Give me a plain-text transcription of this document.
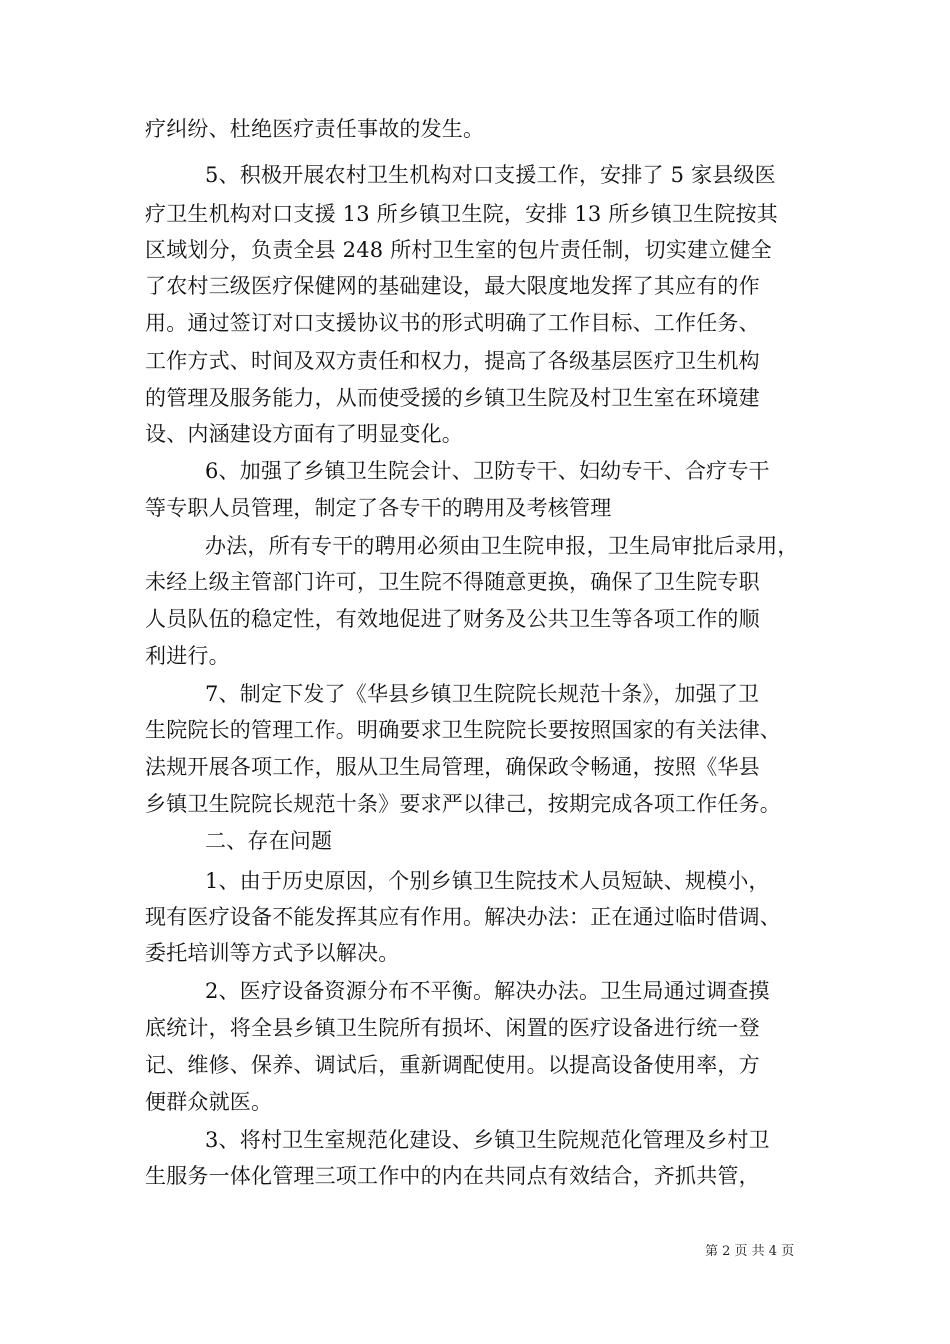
疗纠纷、杜绝医疗责任事故的发生。
5、积极开展农村卫生机构对口支援工作，安排了 5 家县级医
疗卫生机构对口支援 13 所乡镇卫生院，安排 13 所乡镇卫生院按其
区域划分，负责全县 248 所村卫生室的包片责任制，切实建立健全
了农村三级医疗保健网的基础建设，最大限度地发挥了其应有的作
用。通过签订对口支援协议书的形式明确了工作目标、工作任务、
工作方式、时间及双方责任和权力，提高了各级基层医疗卫生机构
的管理及服务能力，从而使受援的乡镇卫生院及村卫生室在环境建
设、内涵建设方面有了明显变化。
6、加强了乡镇卫生院会计、卫防专干、妇幼专干、合疗专干
等专职人员管理，制定了各专干的聘用及考核管理
办法，所有专干的聘用必须由卫生院申报，卫生局审批后录用，
未经上级主管部门许可，卫生院不得随意更换，确保了卫生院专职
人员队伍的稳定性，有效地促进了财务及公共卫生等各项工作的顺
利进行。
7、制定下发了《华县乡镇卫生院院长规范十条》，加强了卫
生院院长的管理工作。明确要求卫生院院长要按照国家的有关法律、
法规开展各项工作，服从卫生局管理，确保政令畅通，按照《华县
乡镇卫生院院长规范十条》要求严以律己，按期完成各项工作任务。
二、存在问题
1、由于历史原因，个别乡镇卫生院技术人员短缺、规模小，
现有医疗设备不能发挥其应有作用。解决办法：正在通过临时借调、
委托培训等方式予以解决。
2、医疗设备资源分布不平衡。解决办法。卫生局通过调查摸
底统计，将全县乡镇卫生院所有损坏、闲置的医疗设备进行统一登
记、维修、保养、调试后，重新调配使用。以提高设备使用率，方
便群众就医。
3、将村卫生室规范化建设、乡镇卫生院规范化管理及乡村卫
生服务一体化管理三项工作中的内在共同点有效结合，齐抓共管，
第 2 页 共 4 页
